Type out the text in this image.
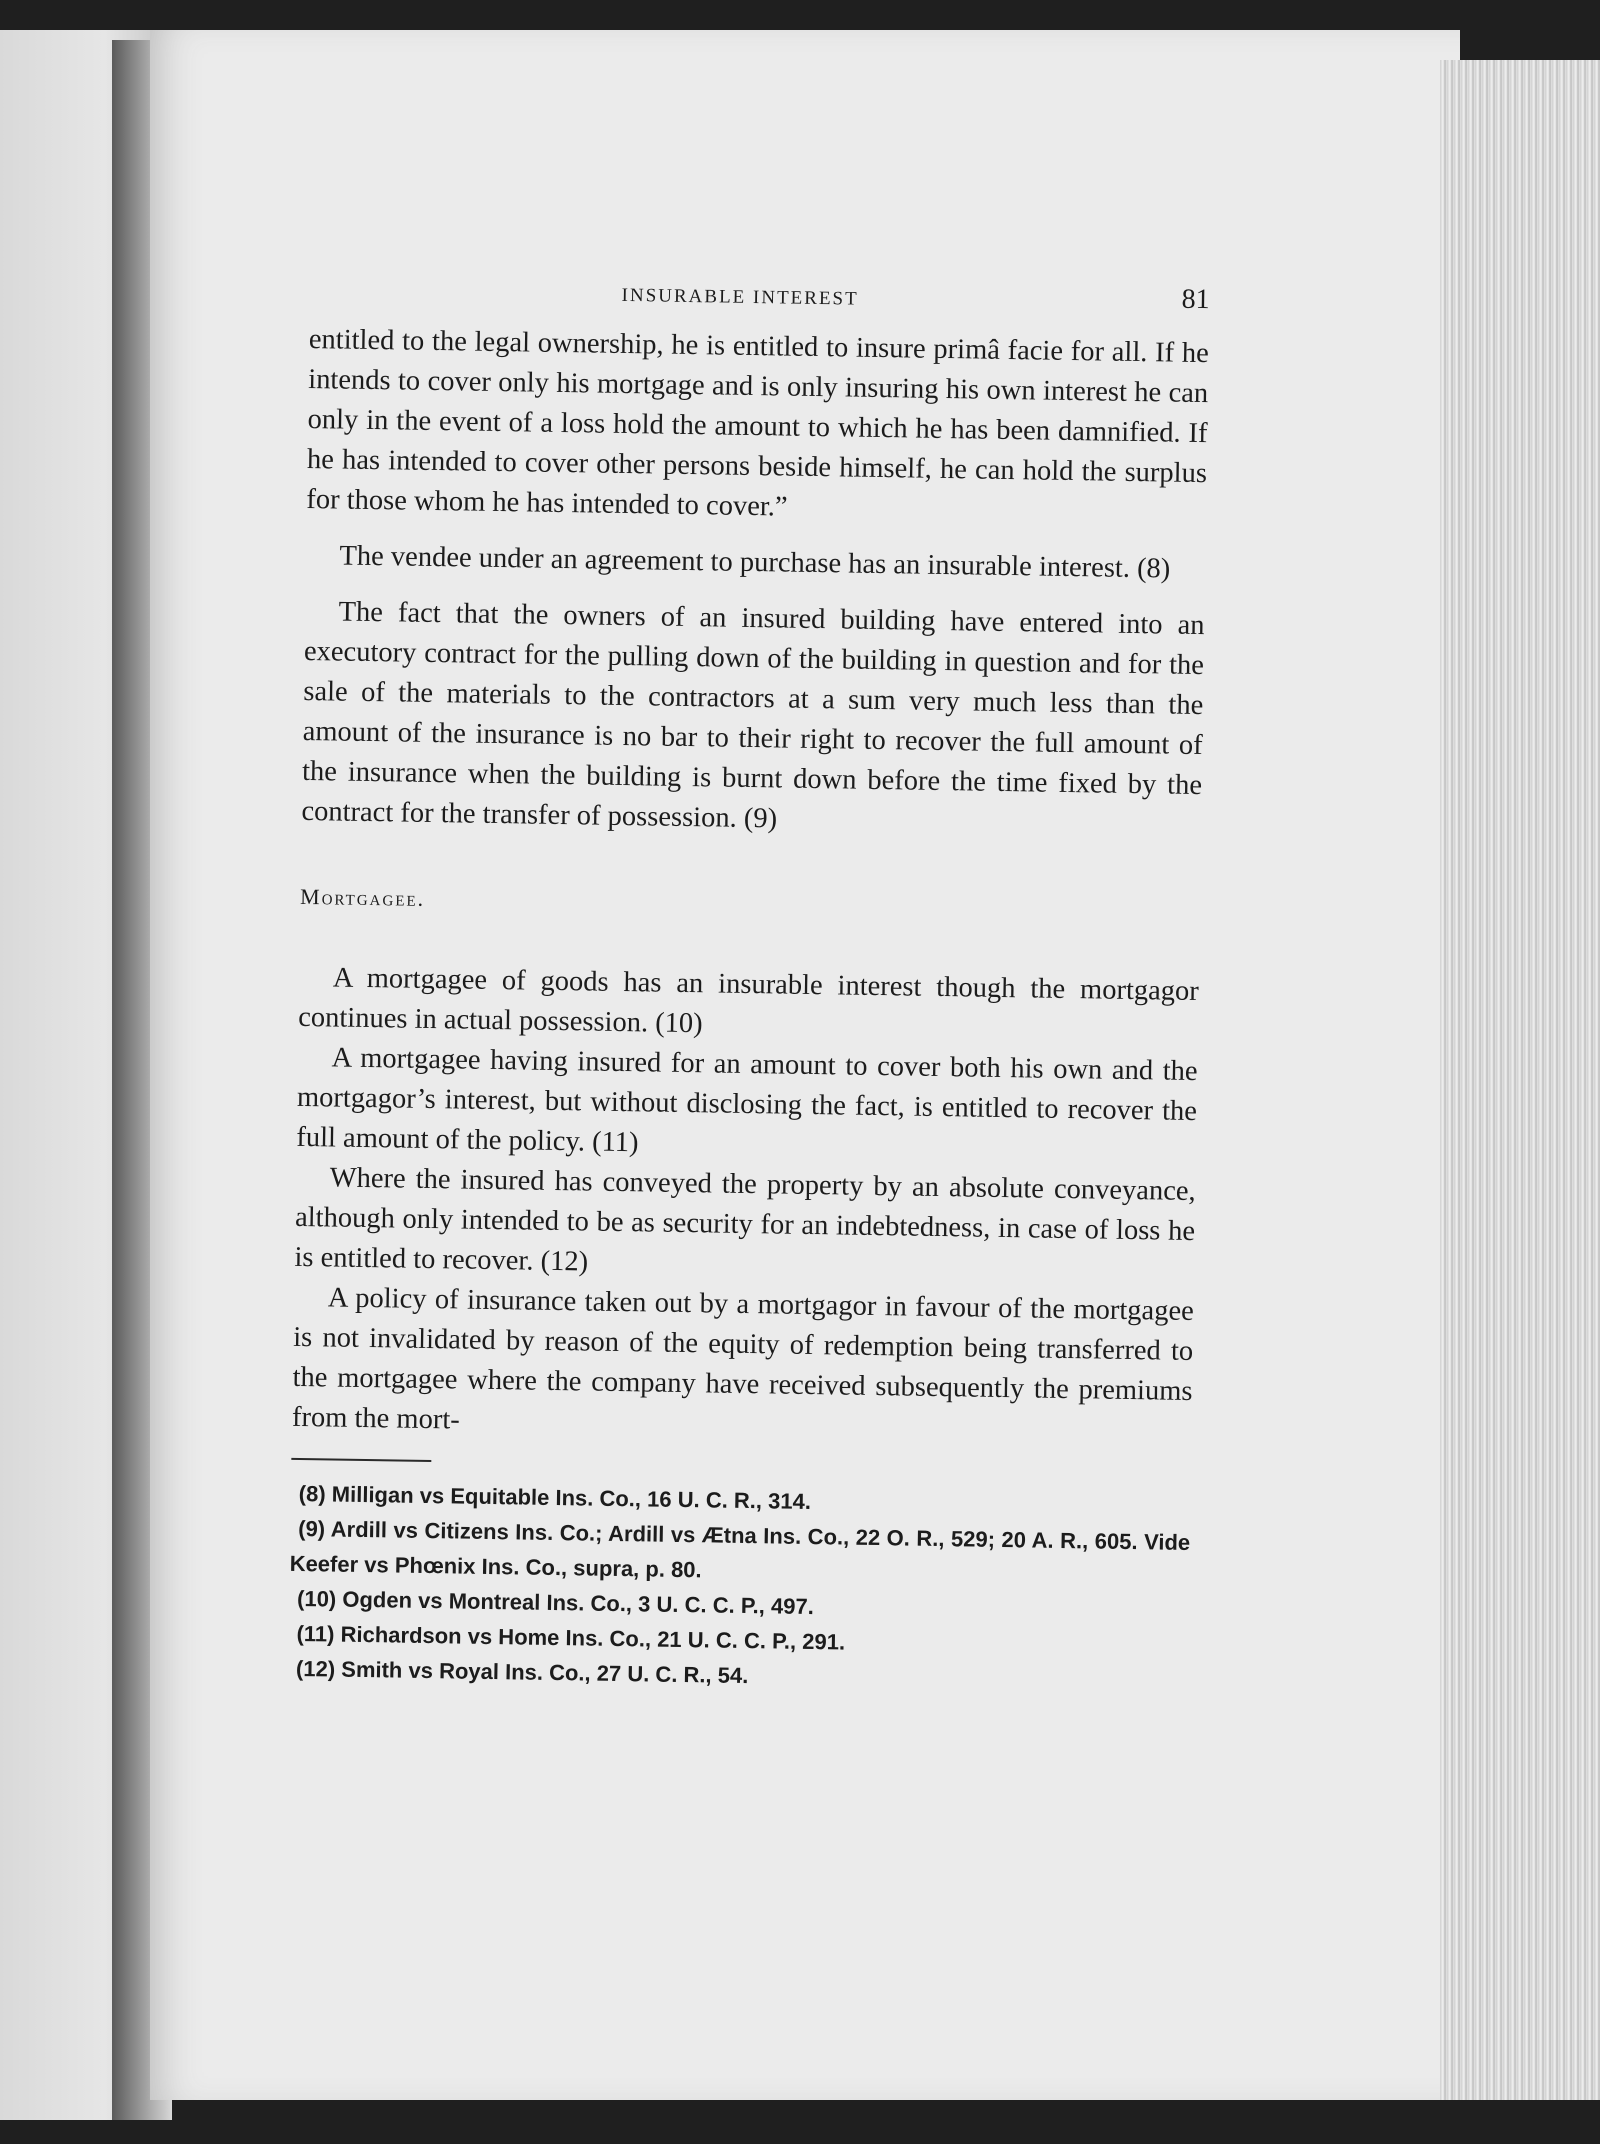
INSURABLE INTEREST	81

entitled to the legal ownership, he is entitled to insure primâ facie for all. If he intends to cover only his mortgage and is only insuring his own interest he can only in the event of a loss hold the amount to which he has been damnified. If he has intended to cover other persons beside himself, he can hold the surplus for those whom he has intended to cover.”

The vendee under an agreement to purchase has an insurable interest. (8)

The fact that the owners of an insured building have entered into an executory contract for the pulling down of the building in question and for the sale of the materials to the contractors at a sum very much less than the amount of the insurance is no bar to their right to recover the full amount of the insurance when the building is burnt down before the time fixed by the contract for the transfer of possession. (9)

Mortgagee.

A mortgagee of goods has an insurable interest though the mortgagor continues in actual possession. (10)

A mortgagee having insured for an amount to cover both his own and the mortgagor’s interest, but without disclosing the fact, is entitled to recover the full amount of the policy. (11)

Where the insured has conveyed the property by an absolute conveyance, although only intended to be as security for an indebtedness, in case of loss he is entitled to recover. (12)

A policy of insurance taken out by a mortgagor in favour of the mortgagee is not invalidated by reason of the equity of redemption being transferred to the mortgagee where the company have received subsequently the premiums from the mort-

(8) Milligan vs Equitable Ins. Co., 16 U. C. R., 314.

(9) Ardill vs Citizens Ins. Co.; Ardill vs Ætna Ins. Co., 22 O. R., 529; 20 A. R., 605. Vide Keefer vs Phœnix Ins. Co., supra, p. 80.

(10) Ogden vs Montreal Ins. Co., 3 U. C. C. P., 497.

(11) Richardson vs Home Ins. Co., 21 U. C. C. P., 291.

(12) Smith vs Royal Ins. Co., 27 U. C. R., 54.
